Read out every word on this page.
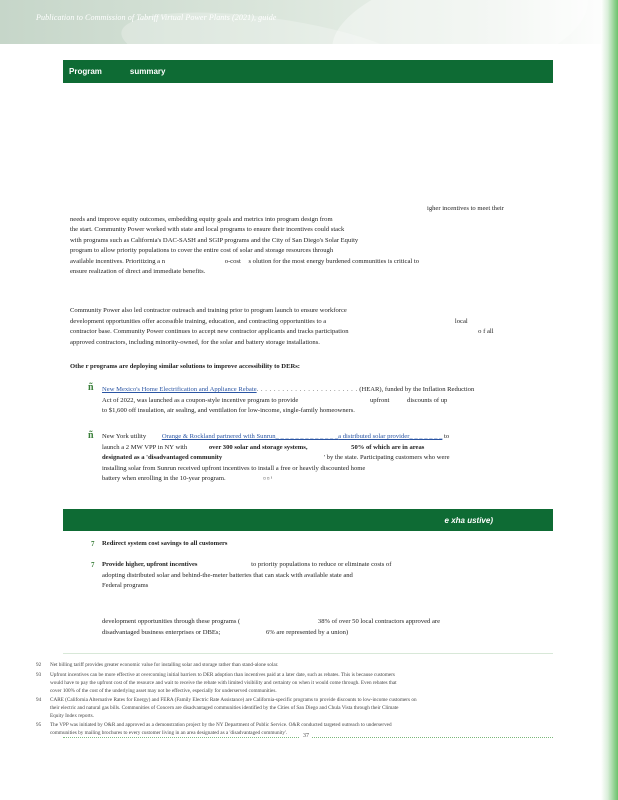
Publication to Commission of Tabriff Virtual Power Plants (2021), guide
Program	summary
igher incentives to meet their
needs and improve equity outcomes, embedding equity goals and metrics into program design from
the start. Community Power worked with state and local programs to ensure their incentives could stack
with programs such as California's DAC-SASH and SGIP programs and the City of San Diego's Solar Equity
program to allow priority populations to cover the entire cost of solar and storage resources through
available incentives. Prioritizing a n	o-cost s olution for the most energy burdened communities is critical to
ensure realization of direct and immediate benefits.
Community Power also led contractor outreach and training prior to program launch to ensure workforce
development opportunities offer accessible training, education, and contracting opportunities to a	local
contractor base. Community Power continues to accept new contractor applicants and tracks participation	o f all
approved contractors, including minority-owned, for the solar and battery storage installations.
Othe r programs are deploying similar solutions to improve accessibility to DERs:
ñ New Mexico's Home Electrification and Appliance Rebate. . . . . . . . . . . . . . . . . . . . . . . . (HEAR), funded by the Inflation Reduction
Act of 2022, was launched as a coupon-style incentive program to provide	upfront	discounts of up
to $1,600 off insulation, air sealing, and ventilation for low-income, single-family homeowners.
ñ New York utility Orange & Rockland partnered with Sunrun_ _ _ _ _ _ _ _ _ _ _ _ _a distributed solar provider_ _ _ _ _ _ _ to
launch a 2 MW VPP in NY with	over 300 solar and storage systems,	50% of which are in areas
designated as a 'disadvantaged community	' by the state. Participating customers who were
installing solar from Sunrun received upfront incentives to install a free or heavily discounted home
battery when enrolling in the 10-year program.	¤ ¤ ¹
e xha ustive)
7 Redirect system cost savings to all customers
7 Provide higher, upfront incentives	to priority populations to reduce or eliminate costs of
adopting distributed solar and behind-the-meter batteries that can stack with available state and
Federal programs
development opportunities through these programs (	38% of over 50 local contractors approved are
disadvantaged business enterprises or DBEs;	6% are represented by a union)
92 Net billing tariff provides greater economic value for installing solar and storage rather than stand-alone solar.
93 Upfront incentives can be more effective at overcoming initial barriers to DER adoption than incentives paid at a later date, such as rebates. This is because customers
would have to pay the upfront cost of the resource and wait to receive the rebate with limited visibility and certainty on when it would come through. Even rebates that
cover 100% of the cost of the underlying asset may not be effective, especially for underserved communities.
94 CARE (California Alternative Rates for Energy) and FERA (Family Electric Rate Assistance) are California-specific programs to provide discounts to low-income customers on
their electric and natural gas bills. Communities of Concern are disadvantaged communities identified by the Cities of San Diego and Chula Vista through their Climate
Equity Index reports.
95 The VPP was initiated by O&R and approved as a demonstration project by the NY Department of Public Service. O&R conducted targeted outreach to underserved
communities by mailing brochures to every customer living in an area designated as a 'disadvantaged community'.	37
